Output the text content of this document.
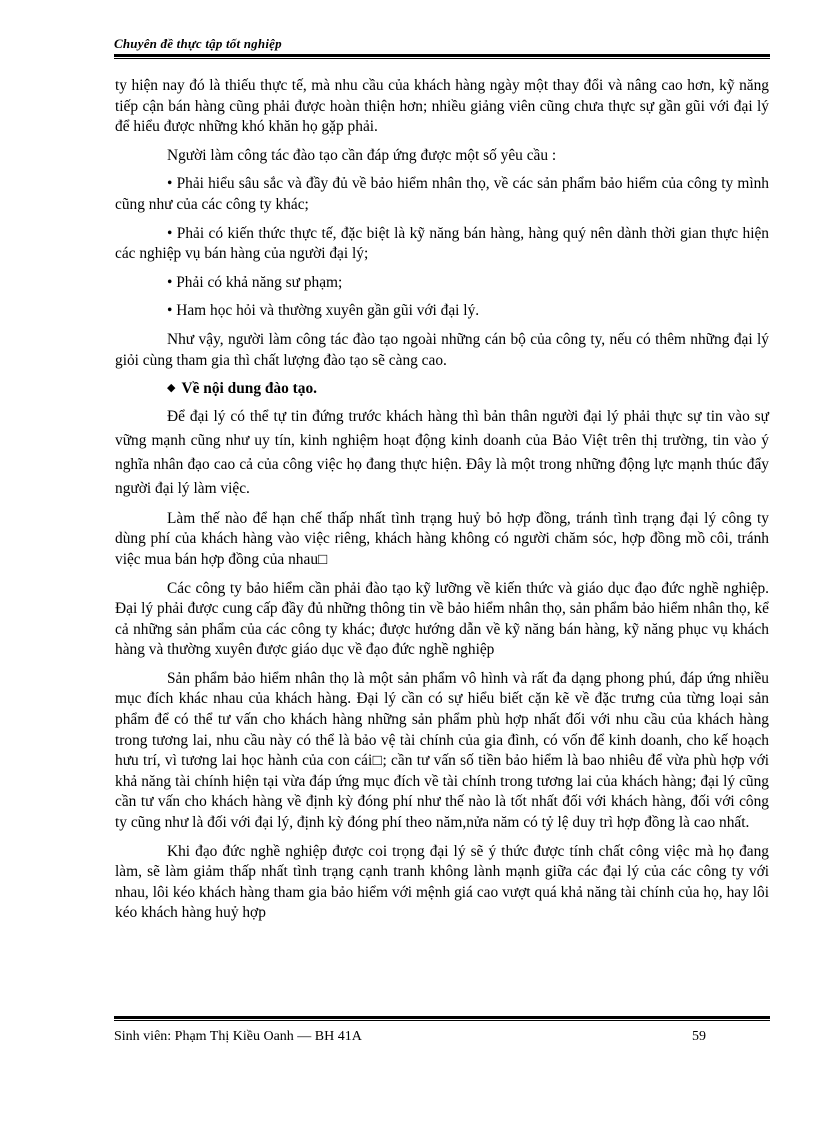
Chuyên đề thực tập tốt nghiệp

ty hiện nay đó là thiếu thực tế, mà nhu cầu của khách hàng ngày một thay đổi và nâng cao hơn, kỹ năng tiếp cận bán hàng cũng phải được hoàn thiện hơn; nhiều giảng viên cũng chưa thực sự gần gũi với đại lý để hiểu được những khó khăn họ gặp phải.

Người làm công tác đào tạo cần đáp ứng được một số yêu cầu :

• Phải hiểu sâu sắc và đầy đủ về bảo hiểm nhân thọ, về các sản phẩm bảo hiểm của công ty mình cũng như của các công ty khác;

• Phải có kiến thức thực tế, đặc biệt là kỹ năng bán hàng, hàng quý nên dành thời gian thực hiện các nghiệp vụ bán hàng của người đại lý;

• Phải có khả năng sư phạm;

• Ham học hỏi và thường xuyên gần gũi với đại lý.

Như vậy, người làm công tác đào tạo ngoài những cán bộ của công ty, nếu có thêm những đại lý giỏi cùng tham gia thì chất lượng đào tạo sẽ càng cao.

◆ Về nội dung đào tạo.

Để đại lý có thể tự tin đứng trước khách hàng thì bản thân người đại lý phải thực sự tin vào sự vững mạnh cũng như uy tín, kinh nghiệm hoạt động kinh doanh của Bảo Việt trên thị trường, tin vào ý nghĩa nhân đạo cao cả của công việc họ đang thực hiện. Đây là một trong những động lực mạnh thúc đẩy người đại lý làm việc.

Làm thế nào để hạn chế thấp nhất tình trạng huỷ bỏ hợp đồng, tránh tình trạng đại lý công ty dùng phí của khách hàng vào việc riêng, khách hàng không có người chăm sóc, hợp đồng mồ côi, tránh việc mua bán hợp đồng của nhau□

Các công ty bảo hiểm cần phải đào tạo kỹ lưỡng về kiến thức và giáo dục đạo đức nghề nghiệp. Đại lý phải được cung cấp đầy đủ những thông tin về bảo hiểm nhân thọ, sản phẩm bảo hiểm nhân thọ, kể cả những sản phẩm của các công ty khác; được hướng dẫn về kỹ năng bán hàng, kỹ năng phục vụ khách hàng và thường xuyên được giáo dục về đạo đức nghề nghiệp

Sản phẩm bảo hiểm nhân thọ là một sản phẩm vô hình và rất đa dạng phong phú, đáp ứng nhiều mục đích khác nhau của khách hàng. Đại lý cần có sự hiểu biết cặn kẽ về đặc trưng của từng loại sản phẩm để có thể tư vấn cho khách hàng những sản phẩm phù hợp nhất đối với nhu cầu của khách hàng trong tương lai, nhu cầu này có thể là bảo vệ tài chính của gia đình, có vốn để kinh doanh, cho kế hoạch hưu trí, vì tương lai học hành của con cái□; cần tư vấn số tiền bảo hiểm là bao nhiêu để vừa phù hợp với khả năng tài chính hiện tại vừa đáp ứng mục đích về tài chính trong tương lai của khách hàng; đại lý cũng cần tư vấn cho khách hàng về định kỳ đóng phí như thế nào là tốt nhất đối với khách hàng, đối với công ty cũng như là đối với đại lý, định kỳ đóng phí theo năm,nửa năm có tỷ lệ duy trì hợp đồng là cao nhất.

Khi đạo đức nghề nghiệp được coi trọng đại lý sẽ ý thức được tính chất công việc mà họ đang làm, sẽ làm giảm thấp nhất tình trạng cạnh tranh không lành mạnh giữa các đại lý của các công ty với nhau, lôi kéo khách hàng tham gia bảo hiểm với mệnh giá cao vượt quá khả năng tài chính của họ, hay lôi kéo khách hàng huỷ hợp

Sinh viên: Phạm Thị Kiều Oanh — BH 41A	59
